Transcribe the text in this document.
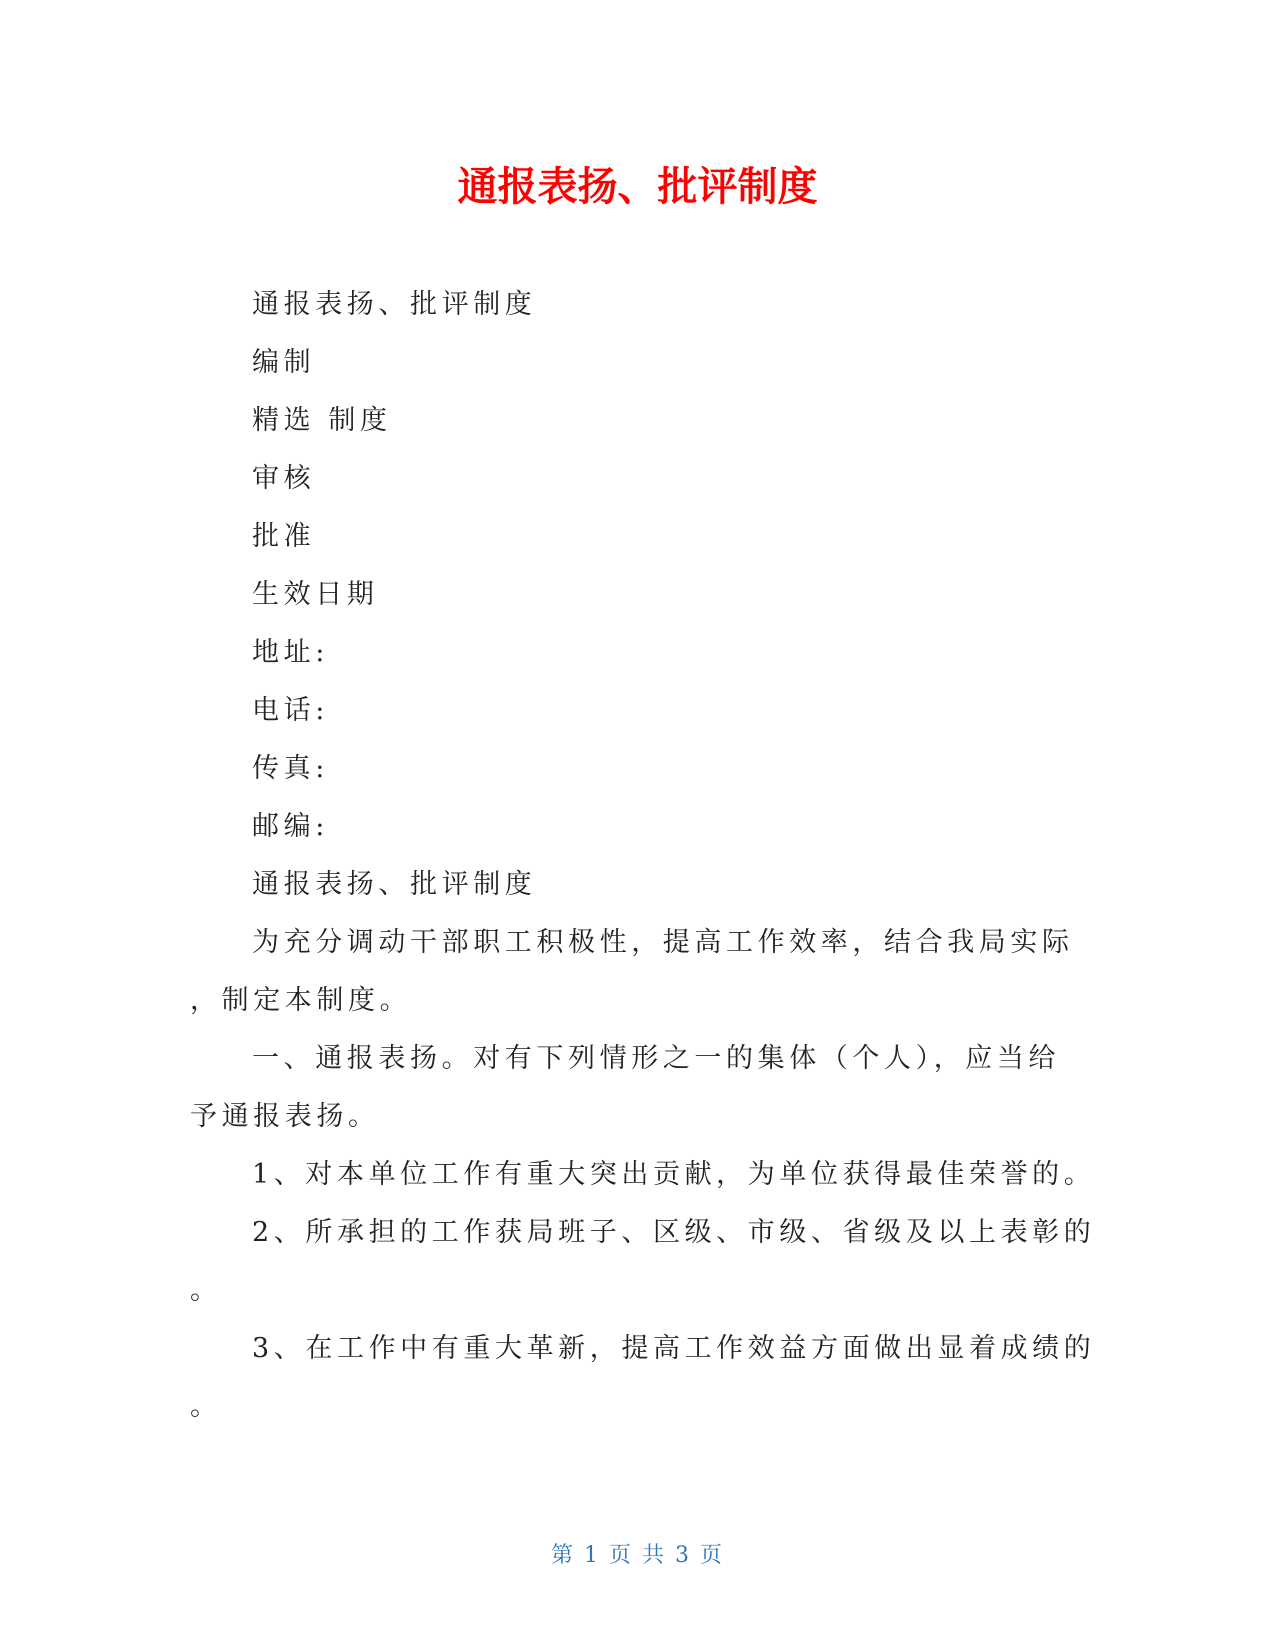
通报表扬、批评制度
通报表扬、批评制度
编制
精选 制度
审核
批准
生效日期
地址:
电话:
传真:
邮编:
通报表扬、批评制度
为充分调动干部职工积极性，提高工作效率，结合我局实际
，制定本制度。
一、通报表扬。对有下列情形之一的集体（个人），应当给
予通报表扬。
1、对本单位工作有重大突出贡献，为单位获得最佳荣誉的。
2、所承担的工作获局班子、区级、市级、省级及以上表彰的
。
3、在工作中有重大革新，提高工作效益方面做出显着成绩的
。
第 1 页 共 3 页
